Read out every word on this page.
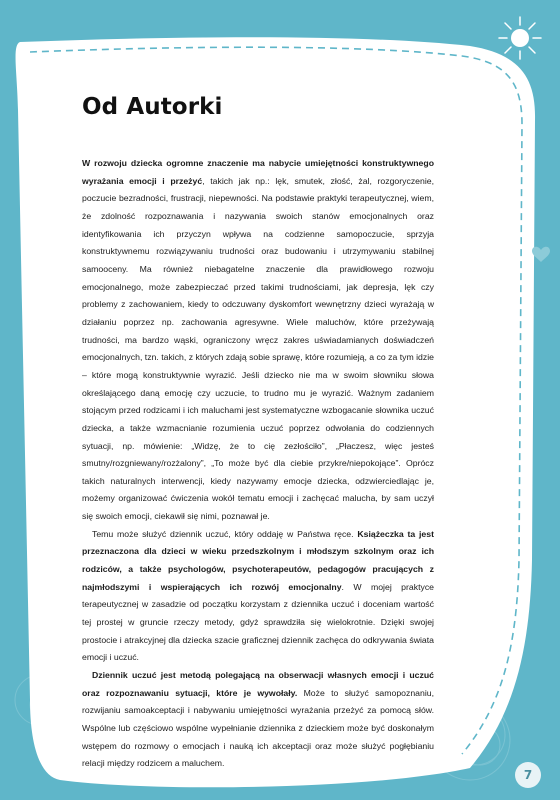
Od Autorki

W rozwoju dziecka ogromne znaczenie ma nabycie umiejętności konstruktywnego wyrażania emocji i przeżyć, takich jak np.: lęk, smutek, złość, żal, rozgoryczenie, poczucie bezradności, frustracji, niepewności. Na podstawie praktyki terapeutycznej, wiem, że zdolność rozpoznawania i nazywania swoich stanów emocjonalnych oraz identyfikowania ich przyczyn wpływa na codzienne samopoczucie, sprzyja konstruktywnemu rozwiązywaniu trudności oraz budowaniu i utrzymywaniu stabilnej samooceny. Ma również niebagatelne znaczenie dla prawidłowego rozwoju emocjonalnego, może zabezpieczać przed takimi trudnościami, jak depresja, lęk czy problemy z zachowaniem, kiedy to odczuwany dyskomfort wewnętrzny dzieci wyrażają w działaniu poprzez np. zachowania agresywne. Wiele maluchów, które przeżywają trudności, ma bardzo wąski, ograniczony wręcz zakres uświadamianych doświadczeń emocjonalnych, tzn. takich, z których zdają sobie sprawę, które rozumieją, a co za tym idzie – które mogą konstruktywnie wyrazić. Jeśli dziecko nie ma w swoim słowniku słowa określającego daną emocję czy uczucie, to trudno mu je wyrazić. Ważnym zadaniem stojącym przed rodzicami i ich maluchami jest systematyczne wzbogacanie słownika uczuć dziecka, a także wzmacnianie rozumienia uczuć poprzez odwołania do codziennych sytuacji, np. mówienie: „Widzę, że to cię zezłościło”, „Płaczesz, więc jesteś smutny/rozgniewany/rozżalony”, „To może być dla ciebie przykre/niepokojące”. Oprócz takich naturalnych interwencji, kiedy nazywamy emocje dziecka, odzwierciedlając je, możemy organizować ćwiczenia wokół tematu emocji i zachęcać malucha, by sam uczył się swoich emocji, ciekawił się nimi, poznawał je.

Temu może służyć dziennik uczuć, który oddaję w Państwa ręce. Książeczka ta jest przeznaczona dla dzieci w wieku przedszkolnym i młodszym szkolnym oraz ich rodziców, a także psychologów, psychoterapeutów, pedagogów pracujących z najmłodszymi i wspierających ich rozwój emocjonalny. W mojej praktyce terapeutycznej w zasadzie od początku korzystam z dziennika uczuć i doceniam wartość tej prostej w gruncie rzeczy metody, gdyż sprawdziła się wielokrotnie. Dzięki swojej prostocie i atrakcyjnej dla dziecka szacie graficznej dziennik zachęca do odkrywania świata emocji i uczuć.

Dziennik uczuć jest metodą polegającą na obserwacji własnych emocji i uczuć oraz rozpoznawaniu sytuacji, które je wywołały. Może to służyć samopoznaniu, rozwijaniu samoakceptacji i nabywaniu umiejętności wyrażania przeżyć za pomocą słów. Wspólne lub częściowo wspólne wypełnianie dziennika z dzieckiem może być doskonałym wstępem do rozmowy o emocjach i nauką ich akceptacji oraz może służyć pogłębianiu relacji między rodzicem a maluchem.

7
